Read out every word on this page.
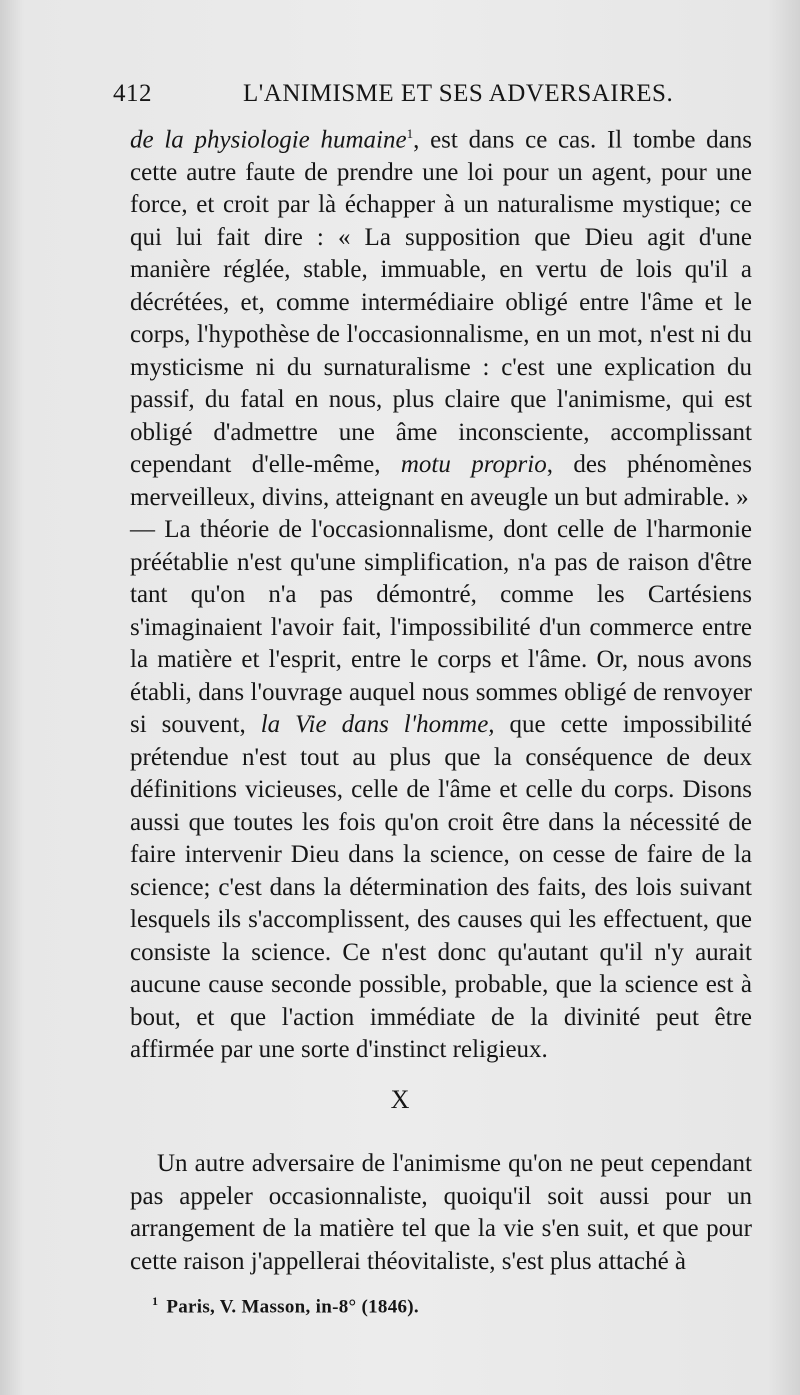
412	L'ANIMISME ET SES ADVERSAIRES.

de la physiologie humaine$^1$, est dans ce cas. Il tombe dans cette autre faute de prendre une loi pour un agent, pour une force, et croit par là échapper à un naturalisme mystique; ce qui lui fait dire : « La supposition que Dieu agit d'une manière réglée, stable, immuable, en vertu de lois qu'il a décrétées, et, comme intermédiaire obligé entre l'âme et le corps, l'hypothèse de l'occasionnalisme, en un mot, n'est ni du mysticisme ni du surnaturalisme : c'est une explication du passif, du fatal en nous, plus claire que l'animisme, qui est obligé d'admettre une âme inconsciente, accomplissant cependant d'elle-même, motu proprio, des phénomènes merveilleux, divins, atteignant en aveugle un but admirable. »

— La théorie de l'occasionnalisme, dont celle de l'harmonie préétablie n'est qu'une simplification, n'a pas de raison d'être tant qu'on n'a pas démontré, comme les Cartésiens s'imaginaient l'avoir fait, l'impossibilité d'un commerce entre la matière et l'esprit, entre le corps et l'âme. Or, nous avons établi, dans l'ouvrage auquel nous sommes obligé de renvoyer si souvent, la Vie dans l'homme, que cette impossibilité prétendue n'est tout au plus que la conséquence de deux définitions vicieuses, celle de l'âme et celle du corps. Disons aussi que toutes les fois qu'on croit être dans la nécessité de faire intervenir Dieu dans la science, on cesse de faire de la science; c'est dans la détermination des faits, des lois suivant lesquels ils s'accomplissent, des causes qui les effectuent, que consiste la science. Ce n'est donc qu'autant qu'il n'y aurait aucune cause seconde possible, probable, que la science est à bout, et que l'action immédiate de la divinité peut être affirmée par une sorte d'instinct religieux.

X

Un autre adversaire de l'animisme qu'on ne peut cependant pas appeler occasionnaliste, quoiqu'il soit aussi pour un arrangement de la matière tel que la vie s'en suit, et que pour cette raison j'appellerai théovitaliste, s'est plus attaché à

$^1$ Paris, V. Masson, in-8° (1846).
